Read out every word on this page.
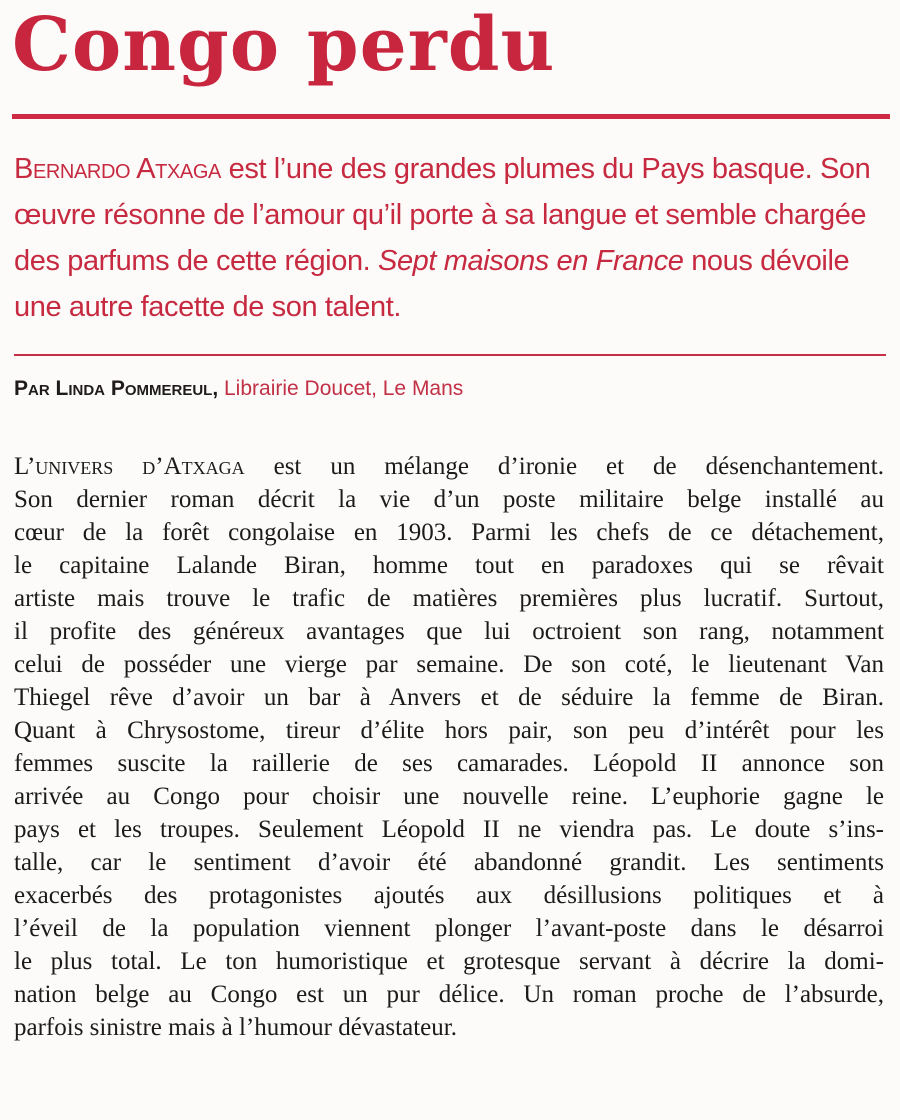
Congo perdu

Bernardo Atxaga est l’une des grandes plumes du Pays basque. Son œuvre résonne de l’amour qu’il porte à sa langue et semble chargée des parfums de cette région. Sept maisons en France nous dévoile une autre facette de son talent.

Par Linda Pommereul, Librairie Doucet, Le Mans

L’univers d’Atxaga est un mélange d’ironie et de désenchantement.
Son dernier roman décrit la vie d’un poste militaire belge installé au
cœur de la forêt congolaise en 1903. Parmi les chefs de ce détachement,
le capitaine Lalande Biran, homme tout en paradoxes qui se rêvait
artiste mais trouve le trafic de matières premières plus lucratif. Surtout,
il profite des généreux avantages que lui octroient son rang, notamment
celui de posséder une vierge par semaine. De son coté, le lieutenant Van
Thiegel rêve d’avoir un bar à Anvers et de séduire la femme de Biran.
Quant à Chrysostome, tireur d’élite hors pair, son peu d’intérêt pour les
femmes suscite la raillerie de ses camarades. Léopold II annonce son
arrivée au Congo pour choisir une nouvelle reine. L’euphorie gagne le
pays et les troupes. Seulement Léopold II ne viendra pas. Le doute s’ins-
talle, car le sentiment d’avoir été abandonné grandit. Les sentiments
exacerbés des protagonistes ajoutés aux désillusions politiques et à
l’éveil de la population viennent plonger l’avant-poste dans le désarroi
le plus total. Le ton humoristique et grotesque servant à décrire la domi-
nation belge au Congo est un pur délice. Un roman proche de l’absurde,
parfois sinistre mais à l’humour dévastateur.
